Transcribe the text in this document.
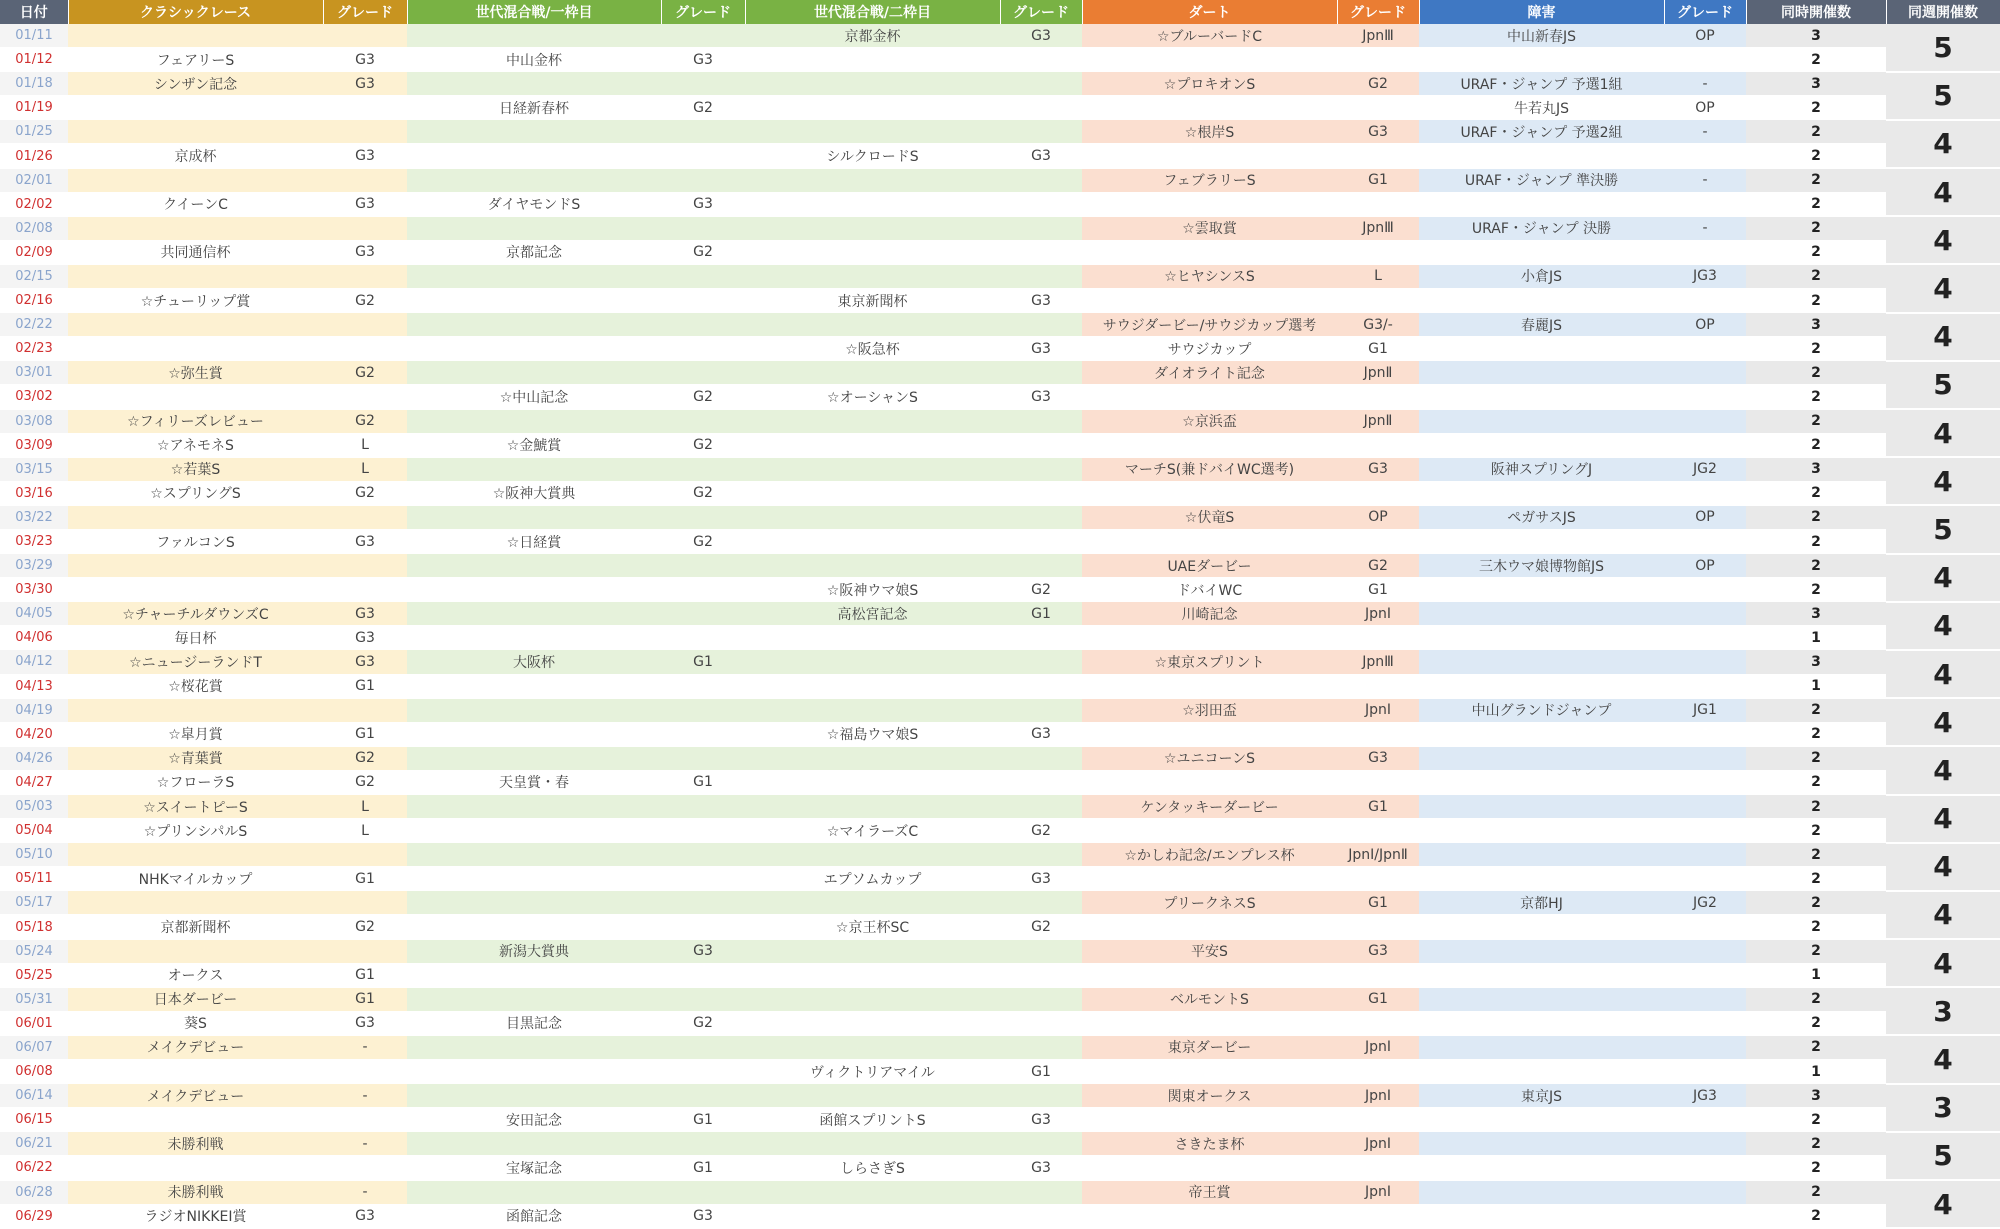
日付	クラシックレース	グレード	世代混合戦/一枠目	グレード	世代混合戦/二枠目	グレード	ダート	グレード	障害	グレード	同時開催数	同週開催数
01/11					京都金杯	G3	☆ブルーバードC	JpnⅢ	中山新春JS	OP	3	5
01/12	フェアリーS	G3	中山金杯	G3							2	
01/18	シンザン記念	G3					☆プロキオンS	G2	URAF・ジャンプ 予選1組	-	3	5
01/19			日経新春杯	G2					牛若丸JS	OP	2	
01/25							☆根岸S	G3	URAF・ジャンプ 予選2組	-	2	4
01/26	京成杯	G3			シルクロードS	G3					2	
02/01							フェブラリーS	G1	URAF・ジャンプ 準決勝	-	2	4
02/02	クイーンC	G3	ダイヤモンドS	G3							2	
02/08							☆雲取賞	JpnⅢ	URAF・ジャンプ 決勝	-	2	4
02/09	共同通信杯	G3	京都記念	G2							2	
02/15							☆ヒヤシンスS	L	小倉JS	JG3	2	4
02/16	☆チューリップ賞	G2			東京新聞杯	G3					2	
02/22							サウジダービー/サウジカップ選考	G3/-	春麗JS	OP	3	4
02/23					☆阪急杯	G3	サウジカップ	G1			2	
03/01	☆弥生賞	G2					ダイオライト記念	JpnⅡ			2	5
03/02			☆中山記念	G2	☆オーシャンS	G3					2	
03/08	☆フィリーズレビュー	G2					☆京浜盃	JpnⅡ			2	4
03/09	☆アネモネS	L	☆金鯱賞	G2							2	
03/15	☆若葉S	L					マーチS(兼ドバイWC選考)	G3	阪神スプリングJ	JG2	3	4
03/16	☆スプリングS	G2	☆阪神大賞典	G2							2	
03/22							☆伏竜S	OP	ペガサスJS	OP	2	5
03/23	ファルコンS	G3	☆日経賞	G2							2	
03/29							UAEダービー	G2	三木ウマ娘博物館JS	OP	2	4
03/30					☆阪神ウマ娘S	G2	ドバイWC	G1			2	
04/05	☆チャーチルダウンズC	G3			高松宮記念	G1	川崎記念	JpnⅠ			3	4
04/06	毎日杯	G3									1	
04/12	☆ニュージーランドT	G3	大阪杯	G1			☆東京スプリント	JpnⅢ			3	4
04/13	☆桜花賞	G1									1	
04/19							☆羽田盃	JpnⅠ	中山グランドジャンプ	JG1	2	4
04/20	☆皐月賞	G1			☆福島ウマ娘S	G3					2	
04/26	☆青葉賞	G2					☆ユニコーンS	G3			2	4
04/27	☆フローラS	G2	天皇賞・春	G1							2	
05/03	☆スイートピーS	L					ケンタッキーダービー	G1			2	4
05/04	☆プリンシパルS	L			☆マイラーズC	G2					2	
05/10							☆かしわ記念/エンプレス杯	JpnⅠ/JpnⅡ			2	4
05/11	NHKマイルカップ	G1			エプソムカップ	G3					2	
05/17							プリークネスS	G1	京都HJ	JG2	2	4
05/18	京都新聞杯	G2			☆京王杯SC	G2					2	
05/24			新潟大賞典	G3			平安S	G3			2	4
05/25	オークス	G1									1	
05/31	日本ダービー	G1					ベルモントS	G1			2	3
06/01	葵S	G3	目黒記念	G2							2	
06/07	メイクデビュー	-					東京ダービー	JpnⅠ			2	4
06/08					ヴィクトリアマイル	G1					1	
06/14	メイクデビュー	-					関東オークス	JpnⅠ	東京JS	JG3	3	3
06/15			安田記念	G1	函館スプリントS	G3					2	
06/21	未勝利戦	-					さきたま杯	JpnⅠ			2	5
06/22			宝塚記念	G1	しらさぎS	G3					2	
06/28	未勝利戦	-					帝王賞	JpnⅠ			2	4
06/29	ラジオNIKKEI賞	G3	函館記念	G3							2	
